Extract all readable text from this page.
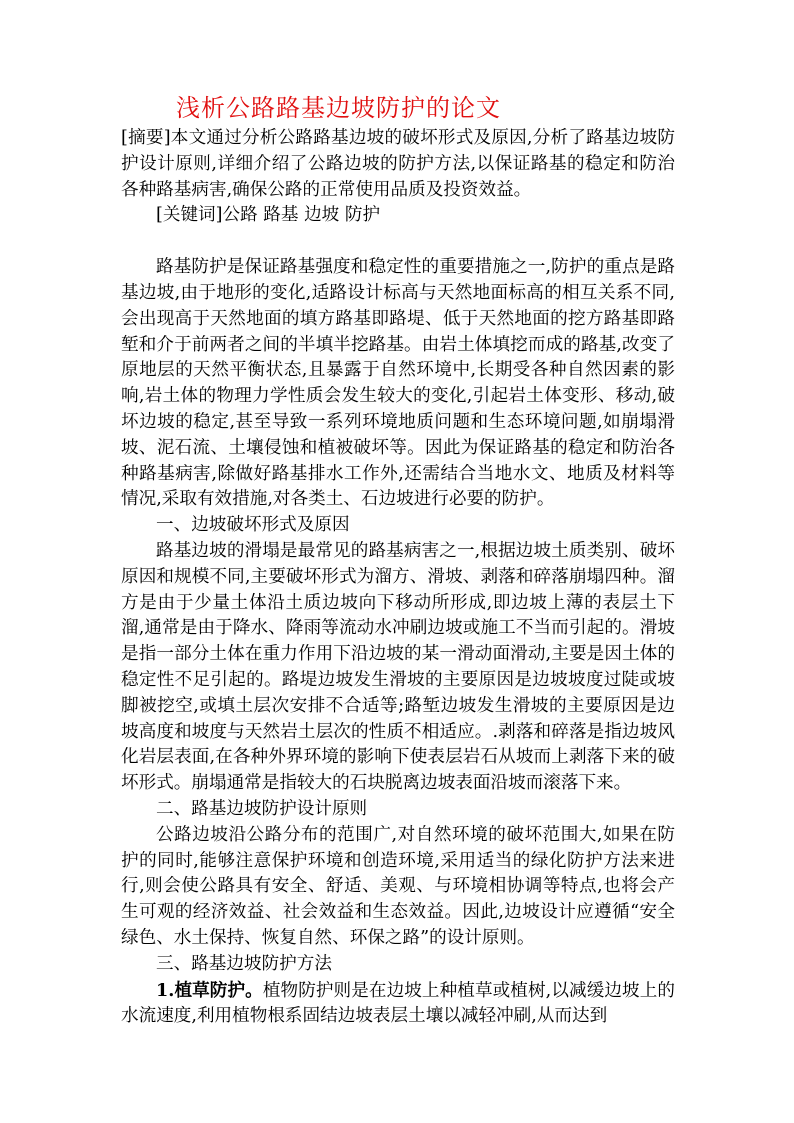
浅析公路路基边坡防护的论文

[摘要]本文通过分析公路路基边坡的破坏形式及原因,分析了路基边坡防护设计原则,详细介绍了公路边坡的防护方法,以保证路基的稳定和防治各种路基病害,确保公路的正常使用品质及投资效益。

[关键词]公路 路基 边坡 防护

路基防护是保证路基强度和稳定性的重要措施之一,防护的重点是路基边坡,由于地形的变化,适路设计标高与天然地面标高的相互关系不同,会出现高于天然地面的填方路基即路堤、低于天然地面的挖方路基即路堑和介于前两者之间的半填半挖路基。由岩土体填挖而成的路基,改变了原地层的天然平衡状态,且暴露于自然环境中,长期受各种自然因素的影响,岩土体的物理力学性质会发生较大的变化,引起岩土体变形、移动,破坏边坡的稳定,甚至导致一系列环境地质问题和生态环境问题,如崩塌滑坡、泥石流、土壤侵蚀和植被破坏等。因此为保证路基的稳定和防治各种路基病害,除做好路基排水工作外,还需结合当地水文、地质及材料等情况,采取有效措施,对各类土、石边坡进行必要的防护。

一、边坡破坏形式及原因

路基边坡的滑塌是最常见的路基病害之一,根据边坡土质类别、破坏原因和规模不同,主要破坏形式为溜方、滑坡、剥落和碎落崩塌四种。溜方是由于少量土体沿土质边坡向下移动所形成,即边坡上薄的表层土下溜,通常是由于降水、降雨等流动水冲刷边坡或施工不当而引起的。滑坡是指一部分土体在重力作用下沿边坡的某一滑动面滑动,主要是因土体的稳定性不足引起的。路堤边坡发生滑坡的主要原因是边坡坡度过陡或坡脚被挖空,或填土层次安排不合适等;路堑边坡发生滑坡的主要原因是边坡高度和坡度与天然岩土层次的性质不相适应。.剥落和碎落是指边坡风化岩层表面,在各种外界环境的影响下使表层岩石从坡而上剥落下来的破坏形式。崩塌通常是指较大的石块脱离边坡表面沿坡而滚落下来。

二、路基边坡防护设计原则

公路边坡沿公路分布的范围广,对自然环境的破坏范围大,如果在防护的同时,能够注意保护环境和创造环境,采用适当的绿化防护方法来进行,则会使公路具有安全、舒适、美观、与环境相协调等特点,也将会产生可观的经济效益、社会效益和生态效益。因此,边坡设计应遵循“安全绿色、水土保持、恢复自然、环保之路”的设计原则。

三、路基边坡防护方法

1.植草防护。植物防护则是在边坡上种植草或植树,以减缓边坡上的水流速度,利用植物根系固结边坡表层土壤以减轻冲刷,从而达到
